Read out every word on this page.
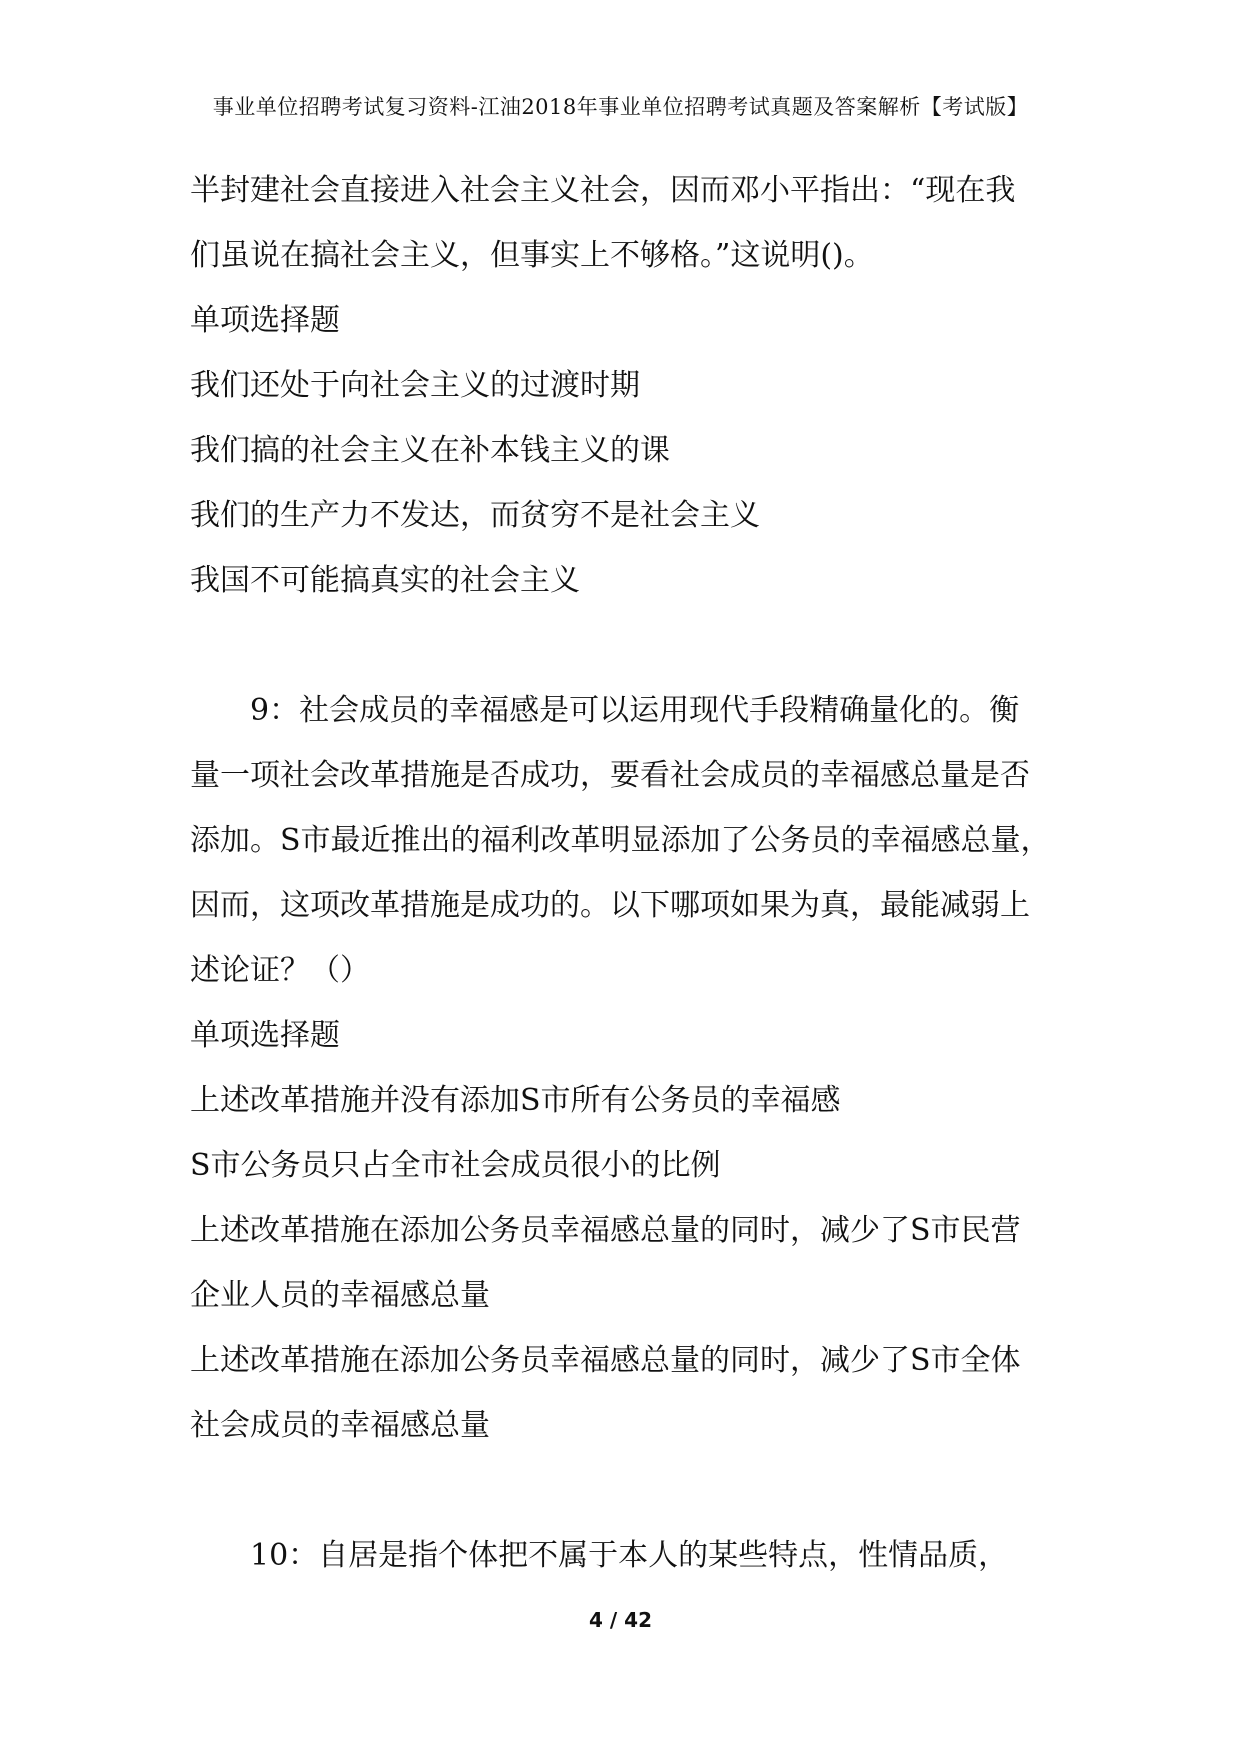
事业单位招聘考试复习资料-江油2018年事业单位招聘考试真题及答案解析【考试版】
半封建社会直接进入社会主义社会，因而邓小平指出：“现在我
们虽说在搞社会主义，但事实上不够格。”这说明()。
单项选择题
我们还处于向社会主义的过渡时期
我们搞的社会主义在补本钱主义的课
我们的生产力不发达，而贫穷不是社会主义
我国不可能搞真实的社会主义
9：社会成员的幸福感是可以运用现代手段精确量化的。衡
量一项社会改革措施是否成功，要看社会成员的幸福感总量是否
添加。S市最近推出的福利改革明显添加了公务员的幸福感总量，
因而，这项改革措施是成功的。以下哪项如果为真，最能减弱上
述论证？（）
单项选择题
上述改革措施并没有添加S市所有公务员的幸福感
S市公务员只占全市社会成员很小的比例
上述改革措施在添加公务员幸福感总量的同时，减少了S市民营
企业人员的幸福感总量
上述改革措施在添加公务员幸福感总量的同时，减少了S市全体
社会成员的幸福感总量
10：自居是指个体把不属于本人的某些特点，性情品质，
4 / 42
